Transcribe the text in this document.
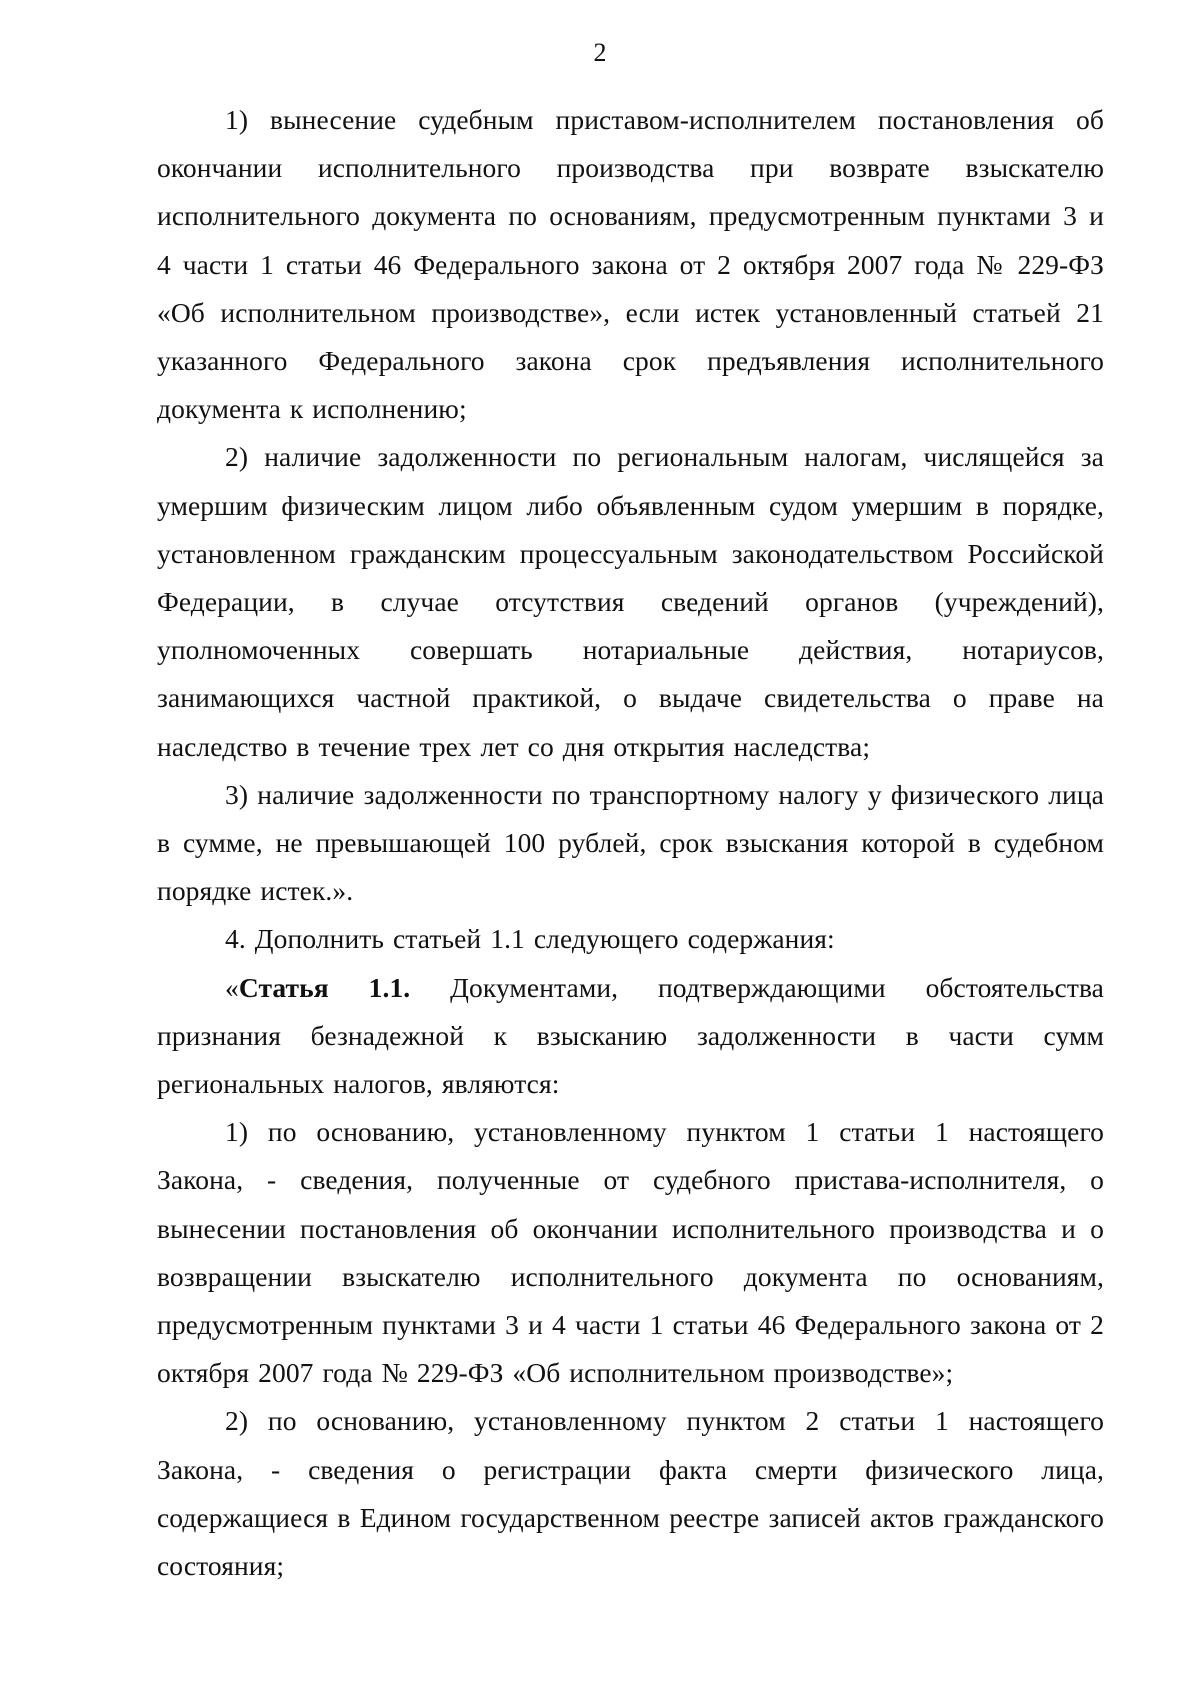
2

1) вынесение судебным приставом-исполнителем постановления об окончании исполнительного производства при возврате взыскателю исполнительного документа по основаниям, предусмотренным пунктами 3 и 4 части 1 статьи 46 Федерального закона от 2 октября 2007 года № 229-ФЗ «Об исполнительном производстве», если истек установленный статьей 21 указанного Федерального закона срок предъявления исполнительного документа к исполнению;

2) наличие задолженности по региональным налогам, числящейся за умершим физическим лицом либо объявленным судом умершим в порядке, установленном гражданским процессуальным законодательством Российской Федерации, в случае отсутствия сведений органов (учреждений), уполномоченных совершать нотариальные действия, нотариусов, занимающихся частной практикой, о выдаче свидетельства о праве на наследство в течение трех лет со дня открытия наследства;

3) наличие задолженности по транспортному налогу у физического лица в сумме, не превышающей 100 рублей, срок взыскания которой в судебном порядке истек.».

4. Дополнить статьей 1.1 следующего содержания:

«Статья 1.1. Документами, подтверждающими обстоятельства признания безнадежной к взысканию задолженности в части сумм региональных налогов, являются:

1) по основанию, установленному пунктом 1 статьи 1 настоящего Закона, - сведения, полученные от судебного пристава-исполнителя, о вынесении постановления об окончании исполнительного производства и о возвращении взыскателю исполнительного документа по основаниям, предусмотренным пунктами 3 и 4 части 1 статьи 46 Федерального закона от 2 октября 2007 года № 229-ФЗ «Об исполнительном производстве»;

2) по основанию, установленному пунктом 2 статьи 1 настоящего Закона, - сведения о регистрации факта смерти физического лица, содержащиеся в Едином государственном реестре записей актов гражданского состояния;
